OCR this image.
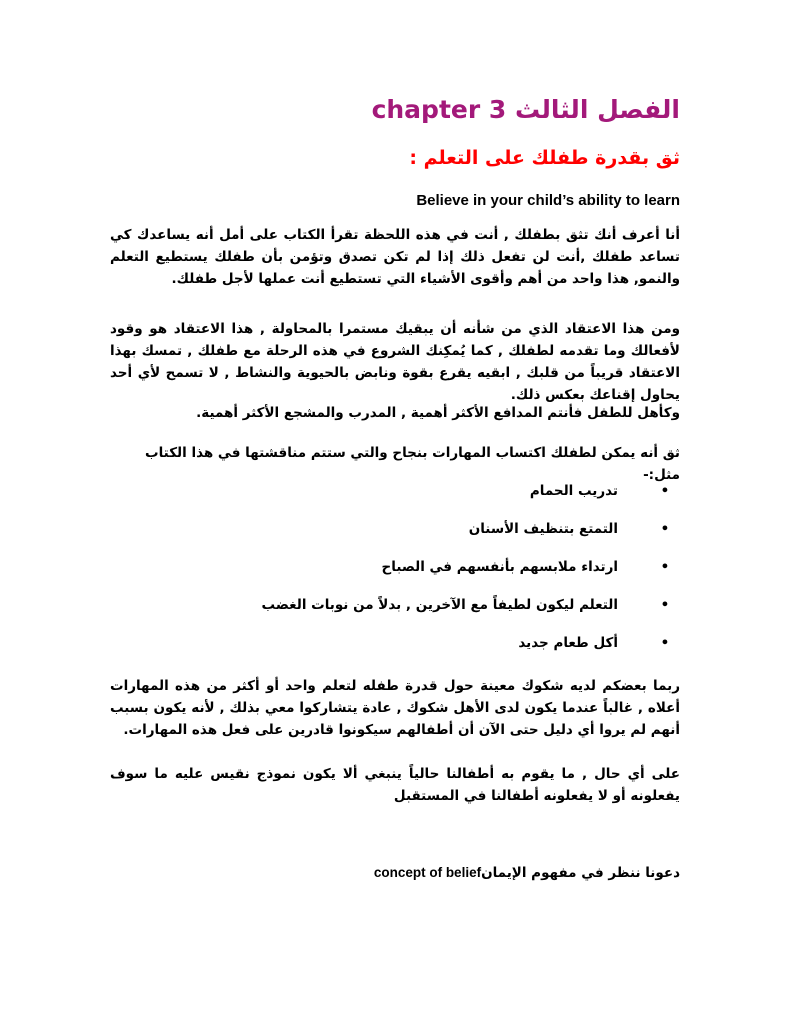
الفصل الثالث chapter 3
ثق بقدرة طفلك على التعلم :
Believe in your child’s ability to learn

أنا أعرف أنك تثق بطفلك , أنت في هذه اللحظة تقرأ الكتاب على أمل أنه يساعدك كي تساعد طفلك ,أنت لن تفعل ذلك إذا لم تكن تصدق وتؤمن بأن طفلك يستطيع التعلم والنمو, هذا واحد من أهم وأقوى الأشياء التي تستطيع أنت عملها لأجل طفلك.

ومن هذا الاعتقاد الذي من شأنه أن يبقيك مستمرا بالمحاولة , هذا الاعتقاد هو وقود لأفعالك وما تقدمه لطفلك , كما يُمكِنك الشروع في هذه الرحلة مع طفلك , تمسك بهذا الاعتقاد قريباً من قلبك , ابقيه يقرع بقوة ونابض بالحيوية والنشاط , لا تسمح لأي أحد يحاول إقناعك بعكس ذلك.

وكأهل للطفل فأنتم المدافع الأكثر أهمية , المدرب والمشجع الأكثر أهمية.

ثق أنه يمكن لطفلك اكتساب المهارات بنجاح والتي ستتم مناقشتها في هذا الكتاب مثل:-

•
تدريب الحمام
•
التمتع بتنظيف الأسنان
•
ارتداء ملابسهم بأنفسهم في الصباح
•
التعلم ليكون لطيفاً مع الآخرين , بدلاً من نوبات الغضب
•
أكل طعام جديد

ربما بعضكم لديه شكوك معينة حول قدرة طفله لتعلم واحد أو أكثر من هذه المهارات أعلاه , غالباً عندما يكون لدى الأهل شكوك , عادة يتشاركوا معي بذلك , لأنه يكون بسبب أنهم لم يروا أي دليل حتى الآن أن أطفالهم سيكونوا قادرين على فعل هذه المهارات.

على أي حال , ما يقوم به أطفالنا حالياً ينبغي ألا يكون نموذج نقيس عليه ما سوف يفعلونه أو لا يفعلونه أطفالنا في المستقبل

دعونا ننظر في مفهوم الإيمانconcept of belief
